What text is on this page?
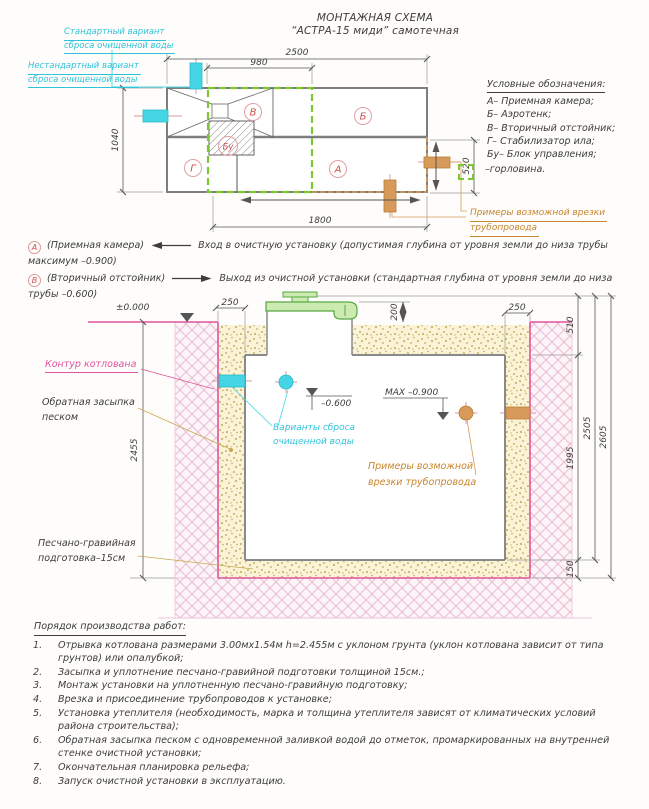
МОНТАЖНАЯ СХЕМА
“АСТРА-15 миди” самотечная
2500
980
1040
520
1800
В	Б
Бу
Г	А
Стандартный вариант
сброса очищенной воды
Нестандартный вариант
сброса очищенной воды
Примеры возможной врезки
трубопровода
Условные обозначения:
А– Приемная камера;
Б– Аэротенк;
В– Вторичный отстойник;
Г– Стабилизатор ила;
Бу– Блок управления;
–горловина.
А (Приемная камера)	Вход в очистную установку (допустимая глубина от уровня земли до низа трубы максимум –0.900)
В (Вторичный отстойник)	Выход из очистной установки (стандартная глубина от уровня земли до низа трубы –0.600)
250	250
200
2455
510
1995
150
2505 2605
±0.000
–0.600
МАХ –0.900
Контур котлована
Обратная засыпка
песком
Песчано-гравийная
подготовка–15см
Варианты сброса
очищенной воды
Примеры возможной
врезки трубопровода
Порядок производства работ:
1.	Отрывка котлована размерами 3.00мх1.54м h=2.455м с уклоном грунта (уклон котлована зависит от типа грунтов) или опалубкой;
2.	Засыпка и уплотнение песчано-гравийной подготовки толщиной 15см.;
3.	Монтаж установки на уплотненную песчано-гравийную подготовку;
4.	Врезка и присоединение трубопроводов к установке;
5.	Установка утеплителя (необходимость, марка и толщина утеплителя зависят от климатических условий района строительства);
6.	Обратная засыпка песком с одновременной заливкой водой до отметок, промаркированных на внутренней стенке очистной установки;
7.	Окончательная планировка рельефа;
8.	Запуск очистной установки в эксплуатацию.
